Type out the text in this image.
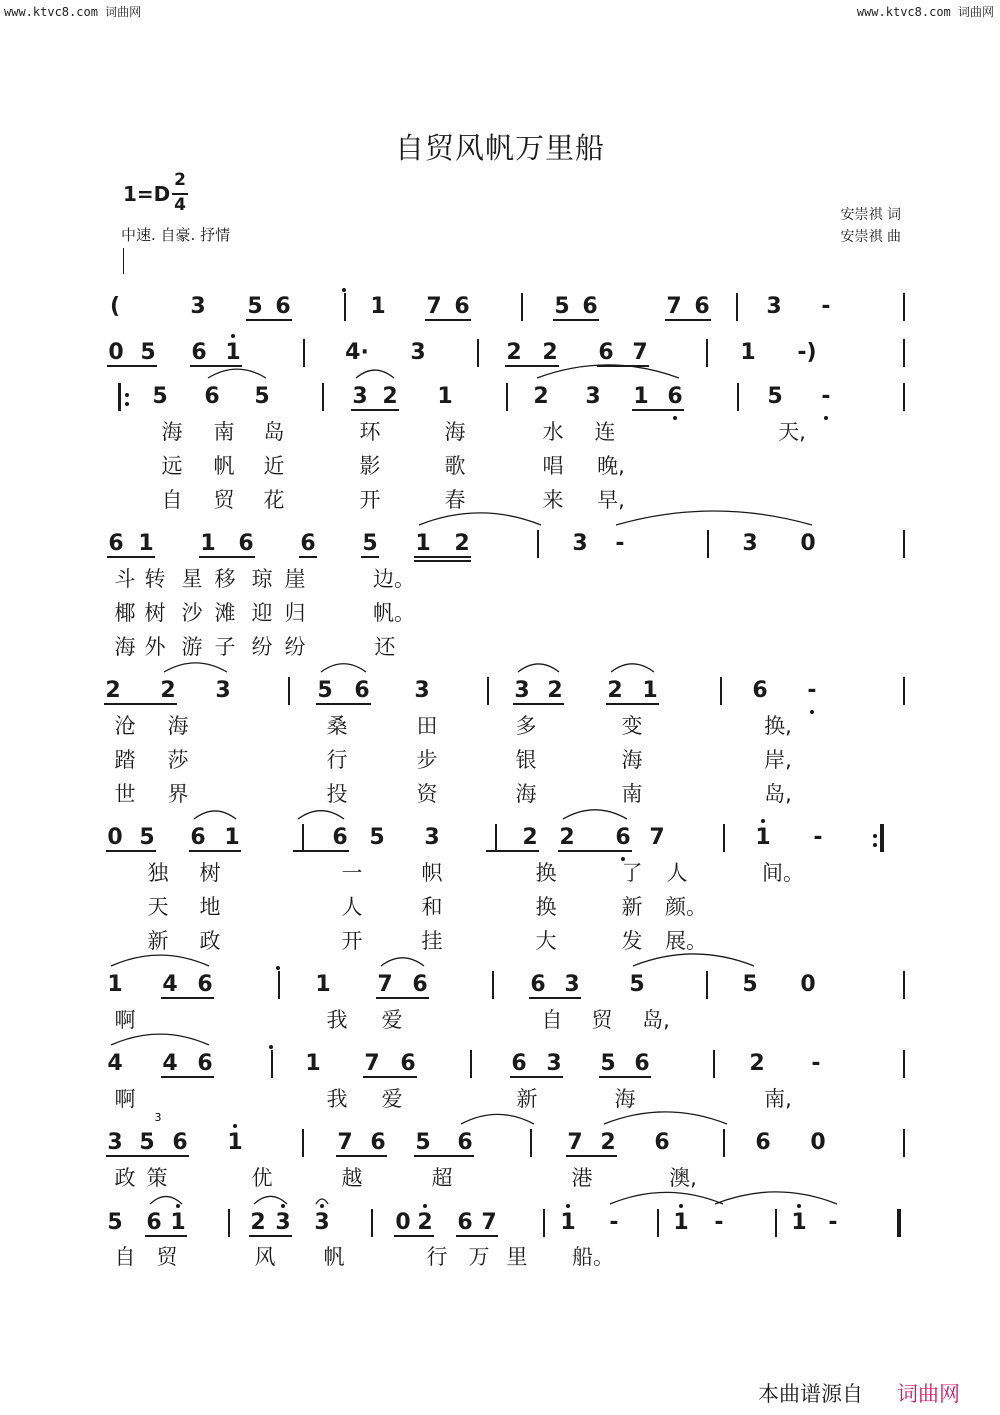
www.ktvc8.com 词曲网	www.ktvc8.com 词曲网
自贸风帆万里船
1=D
2
4
中速. 自豪. 抒情
安崇祺 词
安崇祺 曲
(	3 5 6	1 7 6	5 6	7 6	3 -
0 5 6 1	4· 3	2 2 6 7	1	-)
5 6 5	3 2 1	2 3 1 6	5 -
海 南 岛	环	海	水 连	天,
远 帆 近	影	歌	唱 晚,
自 贸 花	开	春	来 早,
6 1 1 6 6 5 1 2	3 -	3 0
斗 转 星 移 琼 崖	边。
椰 树 沙 滩 迎 归	帆。
海 外 游 子 纷 纷	还
2 2 3	5 6 3	3 2 2 1	6 -
沧 海	桑	田	多	变	换,
踏 莎	行	步	银	海	岸,
世 界	投	资	海	南	岛,
0 5 6 1	6 5 3	2 2 6 7	1 -
独 树	一	帜	换	了 人	间。
天 地	人	和	换	新 颜。
新 政	开	挂	大	发 展。
1 4 6	1 7 6	6 3 5	5 0
啊	我 爱	自 贸 岛,
4 4 6	1 7 6	6 3 5 6	2 -
啊	我 爱	新	海	南,
3 5 6 1	7 6 5 6	7 2 6	6 0
政 策	优	越	超	港	澳,
5 6 1	2 3 3	0 2 6 7	1 - 1 -	1 -
自 贸	风 帆	行 万 里 船。
本曲谱源自 词曲网
3
